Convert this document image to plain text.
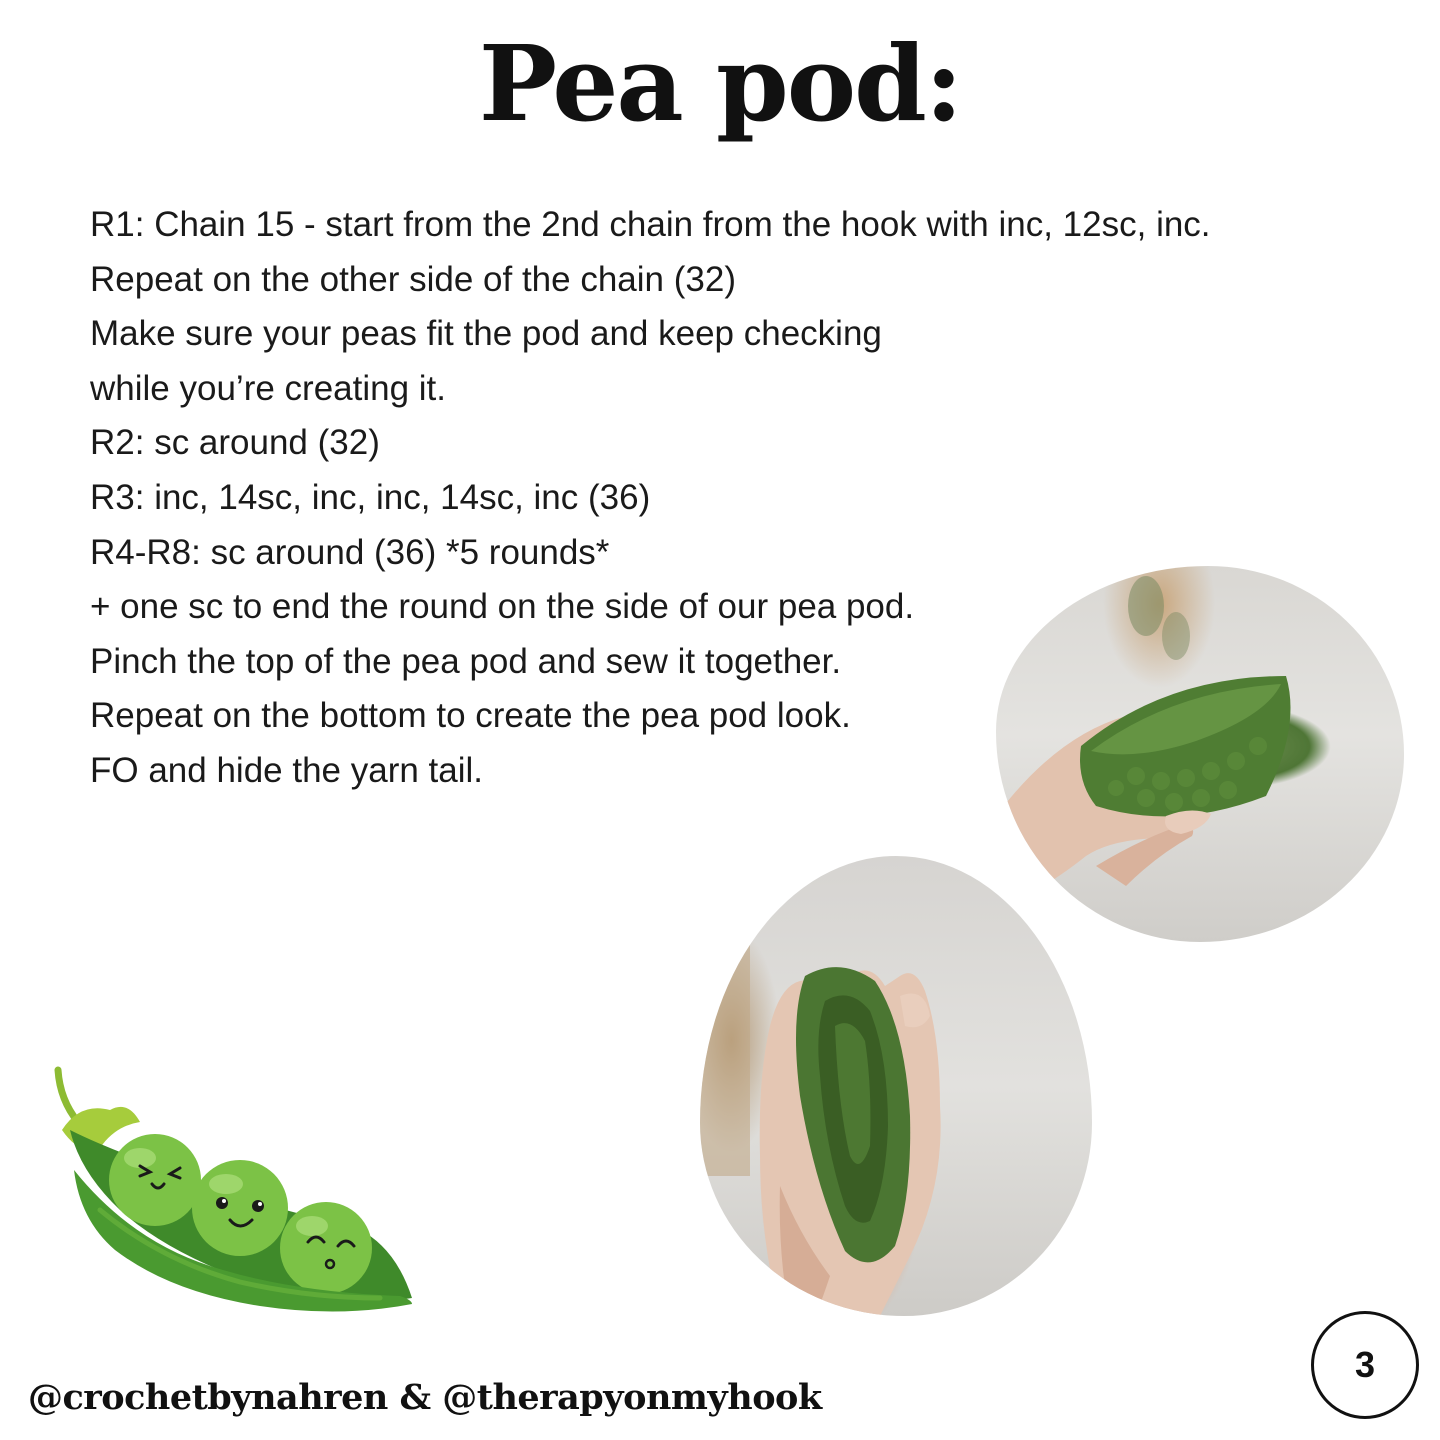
Pea pod:
R1: Chain 15 - start from the 2nd chain from the hook with inc, 12sc, inc.
Repeat on the other side of the chain (32)
Make sure your peas fit the pod and keep checking
while you’re creating it.
R2: sc around (32)
R3: inc, 14sc, inc, inc, 14sc, inc (36)
R4-R8: sc around (36) *5 rounds*
+ one sc to end the round on the side of our pea pod.
Pinch the top of the pea pod and sew it together.
Repeat on the bottom to create the pea pod look.
FO and hide the yarn tail.
@crochetbynahren & @therapyonmyhook
3
